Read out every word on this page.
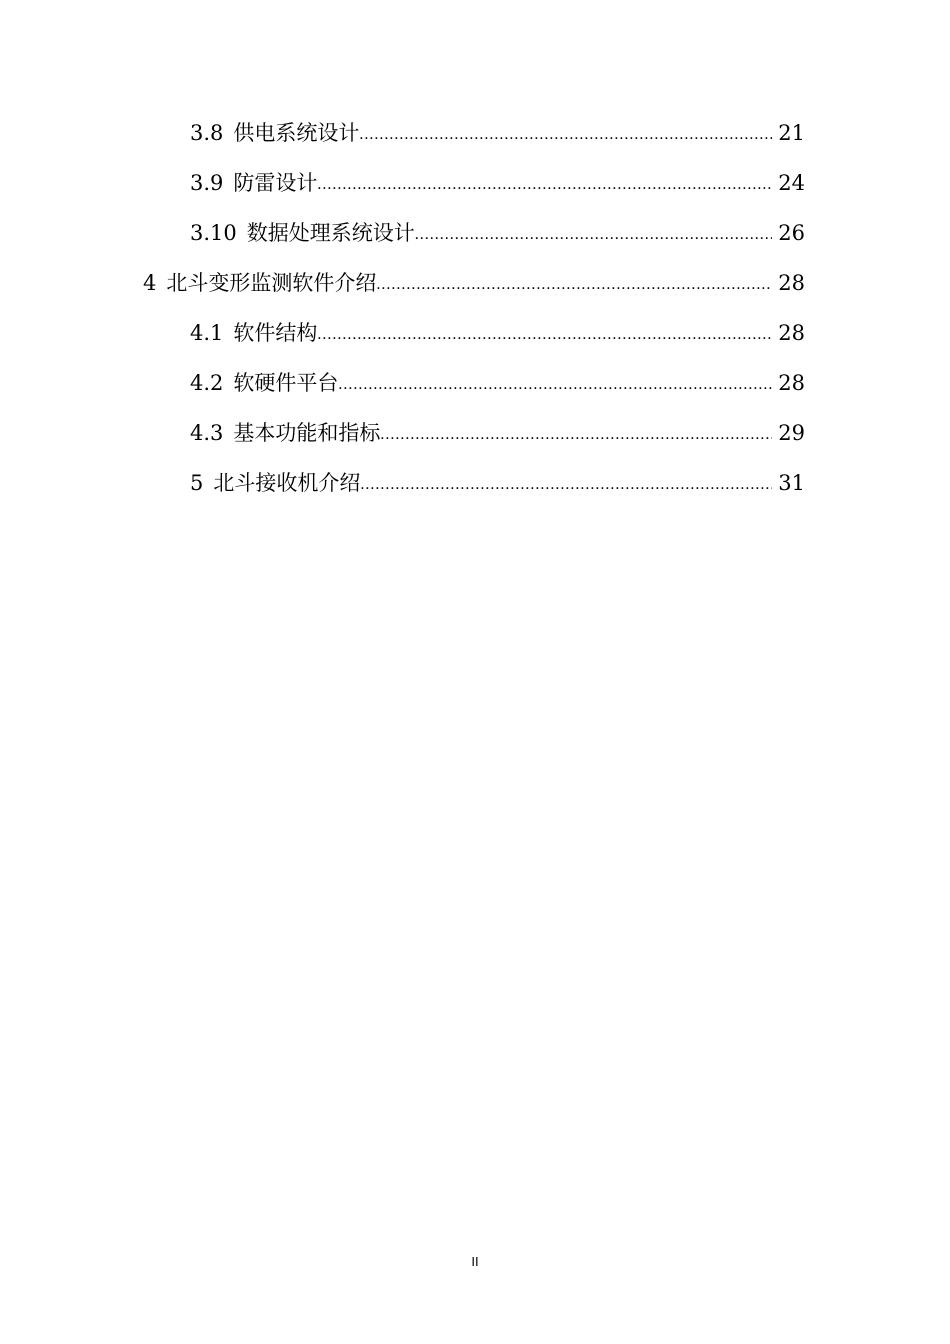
3.8 供电系统设计 .....	21
3.9 防雷设计 .....	24
3.10 数据处理系统设计 .....	26
4 北斗变形监测软件介绍 .....	28
4.1 软件结构 .....	28
4.2 软硬件平台 .....	28
4.3 基本功能和指标 .....	29
5 北斗接收机介绍 .....	31
II
